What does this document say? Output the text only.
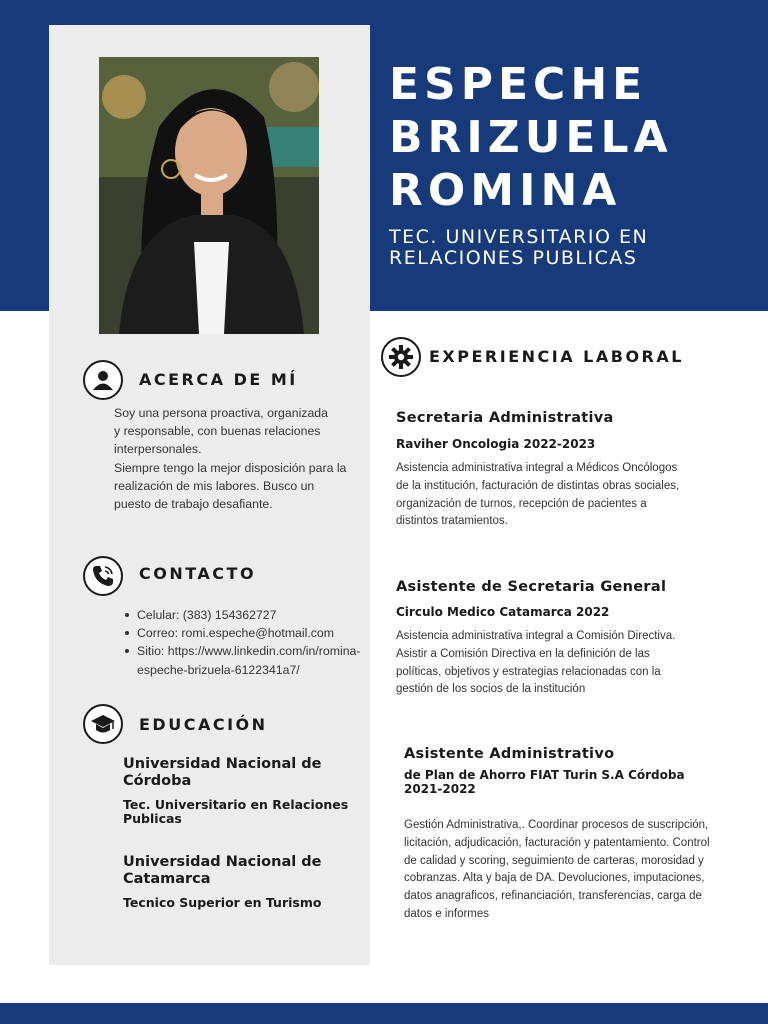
ESPECHE
BRIZUELA
ROMINA
TEC. UNIVERSITARIO EN
RELACIONES PUBLICAS
ACERCA DE MÍ
Soy una persona proactiva, organizada
y responsable, con buenas relaciones
interpersonales.
Siempre tengo la mejor disposición para la
realización de mis labores. Busco un
puesto de trabajo desafiante.
CONTACTO
Celular: (383) 154362727
Correo: romi.espeche@hotmail.com
Sitio: https://www.linkedin.com/in/romina-espeche-brizuela-6122341a7/
EDUCACIÓN
Universidad Nacional de Córdoba
Tec. Universitario en Relaciones Publicas
Universidad Nacional de Catamarca
Tecnico Superior en Turismo
EXPERIENCIA LABORAL
Secretaria Administrativa
Raviher Oncologia 2022-2023
Asistencia administrativa integral a Médicos Oncólogos
de la institución, facturación de distintas obras sociales,
organización de turnos, recepción de pacientes a
distintos tratamientos.
Asistente de Secretaria General
Circulo Medico Catamarca 2022
Asistencia administrativa integral a Comisión Directiva.
Asistir a Comisión Directiva en la definición de las
políticas, objetivos y estrategias relacionadas con la
gestión de los socios de la institución
Asistente Administrativo
de Plan de Ahorro FIAT Turin S.A Córdoba 2021-2022
Gestión Administrativa,. Coordinar procesos de suscripción,
licitación, adjudicación, facturación y patentamiento. Control
de calidad y scoring, seguimiento de carteras, morosidad y
cobranzas. Alta y baja de DA. Devoluciones, imputaciones,
datos anagraficos, refinanciación, transferencias, carga de
datos e informes
